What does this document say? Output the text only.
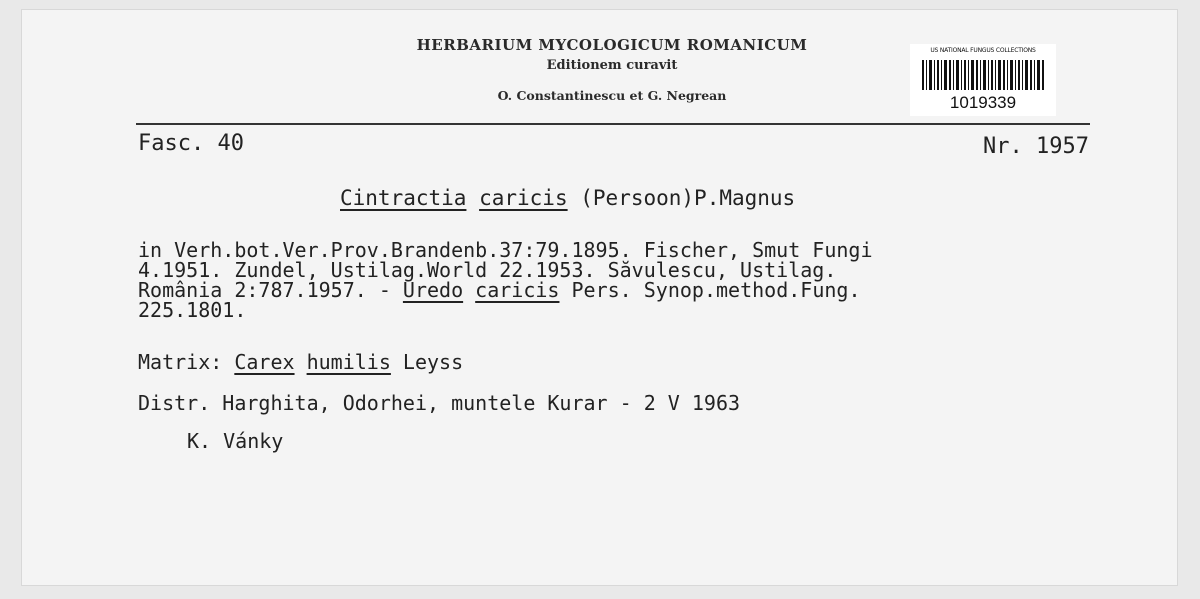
HERBARIUM MYCOLOGICUM ROMANICUM
Editionem curavit
O. Constantinescu et G. Negrean
US NATIONAL FUNGUS COLLECTIONS
1019339
Fasc. 40	Nr. 1957
Cintractia caricis (Persoon)P.Magnus
in Verh.bot.Ver.Prov.Brandenb.37:79.1895. Fischer, Smut Fungi
4.1951. Zundel, Ustilag.World 22.1953. Săvulescu, Ustilag.
România 2:787.1957. - Uredo caricis Pers. Synop.method.Fung.
225.1801.
Matrix: Carex humilis Leyss
Distr. Harghita, Odorhei, muntele Kurar - 2 V 1963
K. Vánky
